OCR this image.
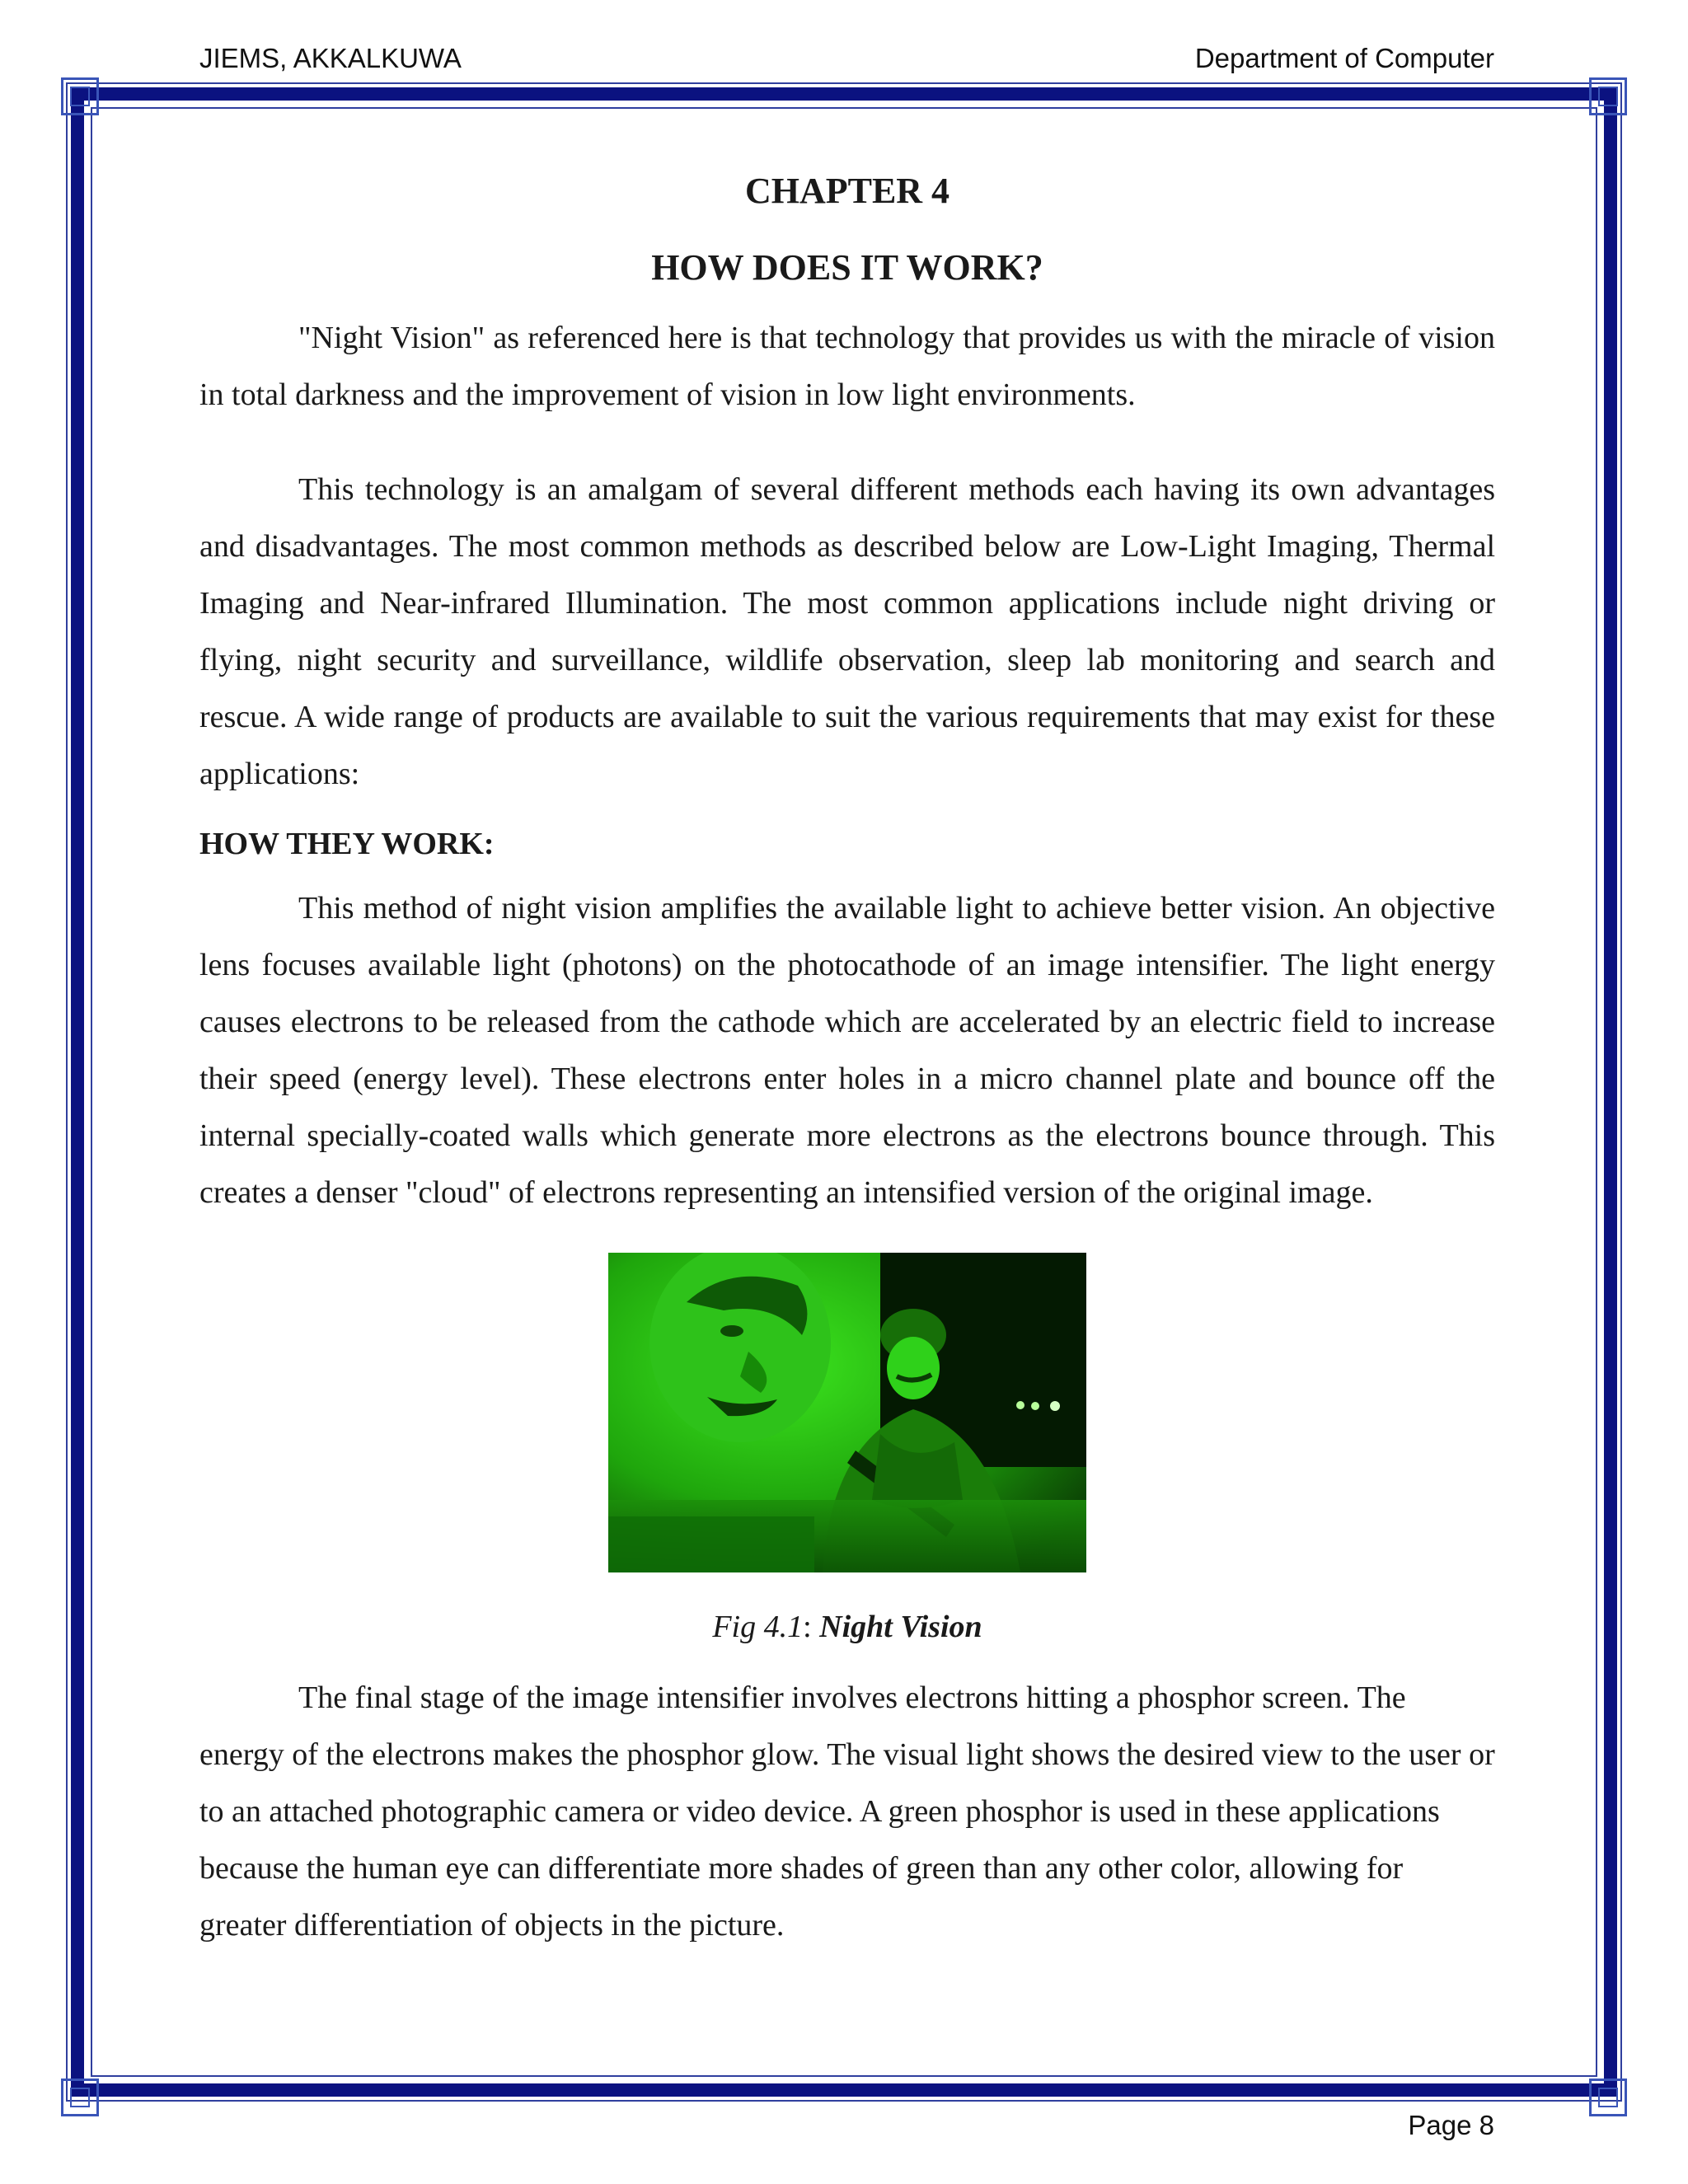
JIEMS, AKKALKUWA	Department of Computer
CHAPTER 4
HOW DOES IT WORK?

"Night Vision" as referenced here is that technology that provides us with the miracle of vision in total darkness and the improvement of vision in low light environments.

This technology is an amalgam of several different methods each having its own advantages and disadvantages. The most common methods as described below are Low-Light Imaging, Thermal Imaging and Near-infrared Illumination. The most common applications include night driving or flying, night security and surveillance, wildlife observation, sleep lab monitoring and search and rescue. A wide range of products are available to suit the various requirements that may exist for these applications:

HOW THEY WORK:

This method of night vision amplifies the available light to achieve better vision. An objective lens focuses available light (photons) on the photocathode of an image intensifier. The light energy causes electrons to be released from the cathode which are accelerated by an electric field to increase their speed (energy level). These electrons enter holes in a micro channel plate and bounce off the internal specially-coated walls which generate more electrons as the electrons bounce through. This creates a denser "cloud" of electrons representing an intensified version of the original image.

Fig 4.1: Night Vision

The final stage of the image intensifier involves electrons hitting a phosphor screen. The energy of the electrons makes the phosphor glow. The visual light shows the desired view to the user or to an attached photographic camera or video device. A green phosphor is used in these applications because the human eye can differentiate more shades of green than any other color, allowing for greater differentiation of objects in the picture.

Page 8
